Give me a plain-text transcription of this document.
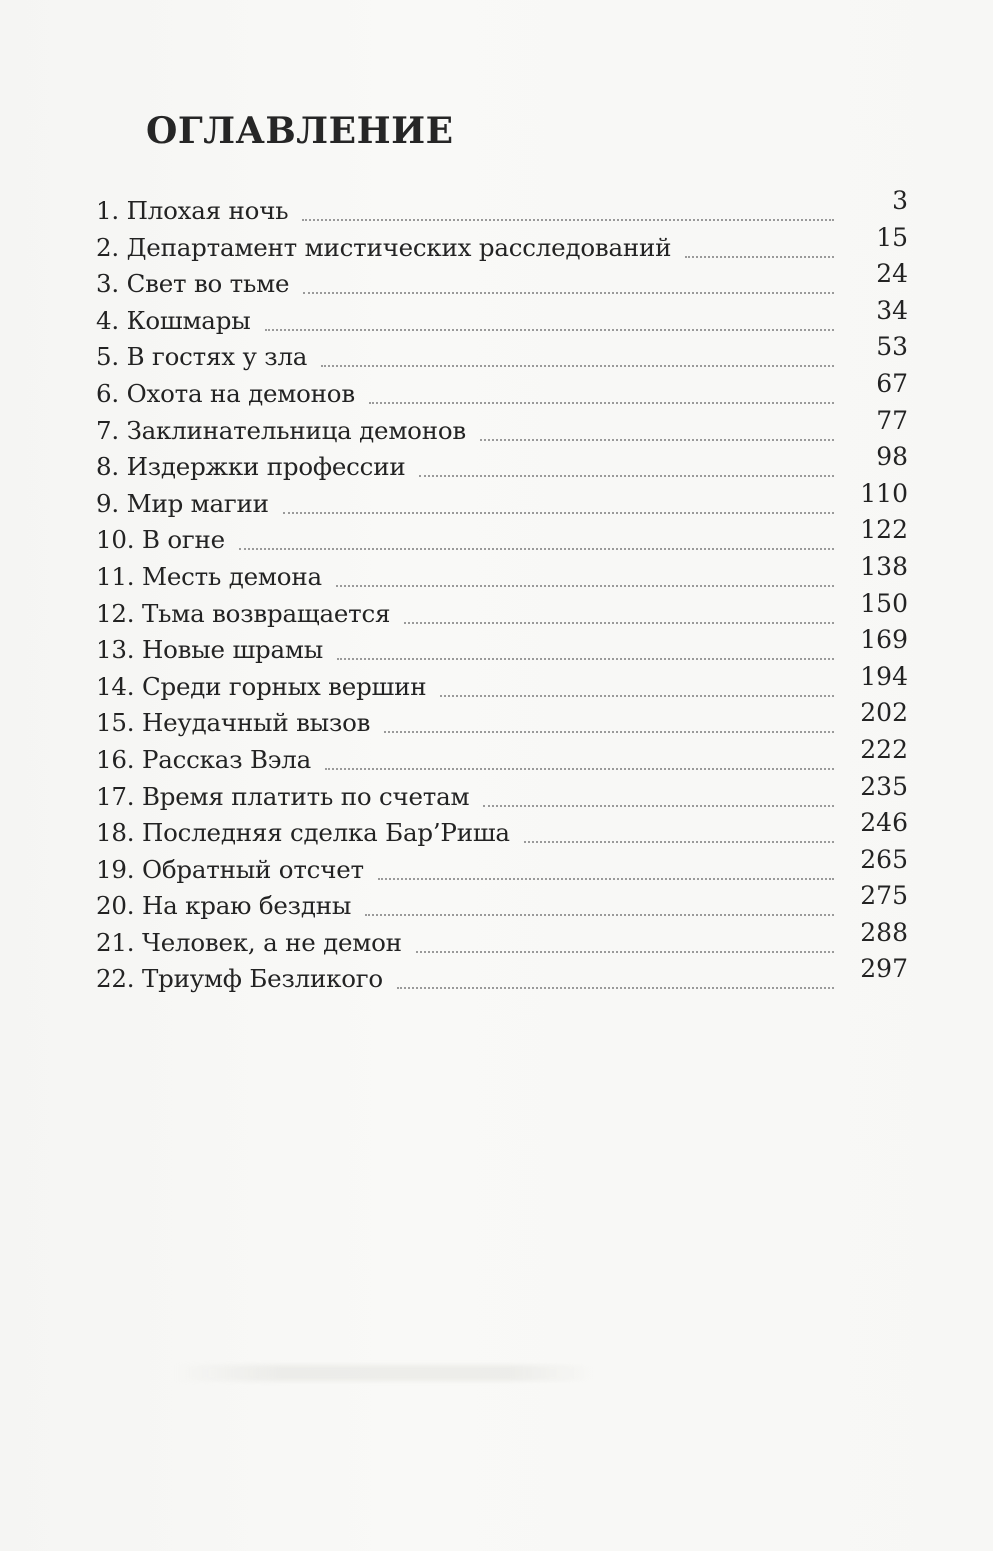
ОГЛАВЛЕНИЕ
1. Плохая ночь	3
2. Департамент мистических расследований	15
3. Свет во тьме	24
4. Кошмары	34
5. В гостях у зла	53
6. Охота на демонов	67
7. Заклинательница демонов	77
8. Издержки профессии	98
9. Мир магии	110
10. В огне	122
11. Месть демона	138
12. Тьма возвращается	150
13. Новые шрамы	169
14. Среди горных вершин	194
15. Неудачный вызов	202
16. Рассказ Вэла	222
17. Время платить по счетам	235
18. Последняя сделка Бар’Риша	246
19. Обратный отсчет	265
20. На краю бездны	275
21. Человек, а не демон	288
22. Триумф Безликого	297
